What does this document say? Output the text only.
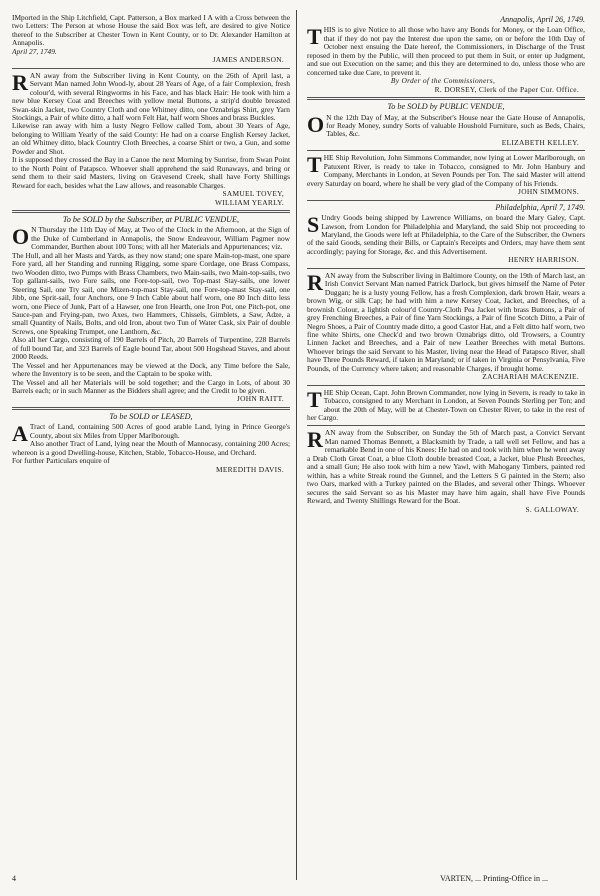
IMported in the Ship Litchfield, Capt. Patterson, a Box marked I A with a Cross between the two Letters: The Person at whose House the said Box was left, are desired to give Notice thereof to the Subscriber at Chester Town in Kent County, or to Dr. Alexander Hamilton at Annapolis.

April 27, 1749.

JAMES ANDERSON.

R AN away from the Subscriber living in Kent County, on the 26th of April last, a Servant Man named John Wood-ly, about 28 Years of Age, of a fair Complexion, fresh colour'd, with several Ringworms in his Face, and has black Hair: He took with him a new blue Kersey Coat and Breeches with yellow metal Buttons, a strip'd double breasted Swan-skin Jacket, two Country Cloth and one Whitney ditto, one Oznabrigs Shirt, grey Yarn Stockings, a Pair of white ditto, a half worn Felt Hat, half worn Shoes and brass Buckles.

Likewise ran away with him a lusty Negro Fellow called Tom, about 30 Years of Age, belonging to William Yearly of the said County: He had on a coarse English Kersey Jacket, an old Whitney ditto, black Country Cloth Breeches, a coarse Shirt or two, a Gun, and some Powder and Shot.

It is supposed they crossed the Bay in a Canoe the next Morning by Sunrise, from Swan Point to the North Point of Patapsco. Whoever shall apprehend the said Runaways, and bring or send them to their said Masters, living on Gravesend Creek, shall have Forty Shillings Reward for each, besides what the Law allows, and reasonable Charges.

SAMUEL TOVEY,

WILLIAM YEARLY.

To be SOLD by the Subscriber, at PUBLIC VENDUE,
O N Thursday the 11th Day of May, at Two of the Clock in the Afternoon, at the Sign of the Duke of Cumberland in Annapolis, the Snow Endeavour, William Pagmer now Commander, Burthen about 100 Tons; with all her Materials and Appurtenances; viz.

The Hull, and all her Masts and Yards, as they now stand; one spare Main-top-mast, one spare Fore yard, all her Standing and running Rigging, some spare Cordage, one Brass Compass, two Wooden ditto, two Pumps with Brass Chambers, two Main-sails, two Main-top-sails, two Top gallant-sails, two Fore sails, one Fore-top-sail, two Top-mast Stay-sails, one lower Steering Sail, one Try sail, one Mizen-top-mast Stay-sail, one Fore-top-mast Stay-sail, one Jibb, one Sprit-sail, four Anchors, one 9 Inch Cable about half worn, one 80 Inch ditto less worn, one Piece of Junk, Part of a Hawser, one Iron Hearth, one Iron Pot, one Pitch-pot, one Sauce-pan and Frying-pan, two Axes, two Hammers, Chissels, Gimblets, a Saw, Adze, a small Quantity of Nails, Bolts, and old Iron, about two Tun of Water Cask, six Pair of double Screws, one Speaking Trumpet, one Lanthorn, &c.

Also all her Cargo, consisting of 190 Barrels of Pitch, 20 Barrels of Turpentine, 228 Barrels of full bound Tar, and 323 Barrels of Eagle bound Tar, about 500 Hogshead Staves, and about 2000 Reeds.

The Vessel and her Appurtenances may be viewed at the Dock, any Time before the Sale, where the Inventory is to be seen, and the Captain to be spoke with.

The Vessel and all her Materials will be sold together; and the Cargo in Lots, of about 30 Barrels each; or in such Manner as the Bidders shall agree; and the Credit to be given.

JOHN RAITT.

To be SOLD or LEASED,
A Tract of Land, containing 500 Acres of good arable Land, lying in Prince George's County, about six Miles from Upper Marlborough.

Also another Tract of Land, lying near the Mouth of Mannocasy, containing 200 Acres; whereon is a good Dwelling-house, Kitchen, Stable, Tobacco-House, and Orchard.

For further Particulars enquire of

MEREDITH DAVIS.

Annapolis, April 26, 1749.
T HIS is to give Notice to all those who have any Bonds for Money, or the Loan Office, that if they do not pay the Interest due upon the same, on or before the 10th Day of October next ensuing the Date hereof, the Commissioners, in Discharge of the Trust reposed in them by the Public, will then proceed to put them in Suit, or enter up Judgment, and sue out Execution on the same; and this they are determined to do, unless those who are concerned take due Care, to prevent it.

By Order of the Commissioners,

R. DORSEY, Clerk of the Paper Cur. Office.

To be SOLD by PUBLIC VENDUE,
O N the 12th Day of May, at the Subscriber's House near the Gate House of Annapolis, for Ready Money, sundry Sorts of valuable Houshold Furniture, such as Beds, Chairs, Tables, &c.

ELIZABETH KELLEY.

T HE Ship Revolution, John Simmons Commander, now lying at Lower Marlborough, on Patuxent River, is ready to take in Tobacco, consigned to Mr. John Hanbury and Company, Merchants in London, at Seven Pounds per Ton. The said Master will attend every Saturday on board, where he shall be very glad of the Company of his Friends.

JOHN SIMMONS.

Philadelphia, April 7, 1749.
S Undry Goods being shipped by Lawrence Williams, on board the Mary Galey, Capt. Lawson, from London for Philadelphia and Maryland, the said Ship not proceeding to Maryland, the Goods were left at Philadelphia, to the Care of the Subscriber, the Owners of the said Goods, sending their Bills, or Captain's Receipts and Orders, may have them sent accordingly; paying for Storage, &c. and this Advertisement.

HENRY HARRISON.

R AN away from the Subscriber living in Baltimore County, on the 19th of March last, an Irish Convict Servant Man named Patrick Darlock, but gives himself the Name of Peter Duggan; he is a lusty young Fellow, has a fresh Complexion, dark brown Hair, wears a brown Wig, or silk Cap; he had with him a new Kersey Coat, Jacket, and Breeches, of a brownish Colour, a lightish colour'd Country-Cloth Pea Jacket with brass Buttons, a Pair of grey Frenching Breeches, a Pair of fine Yarn Stockings, a Pair of fine Scotch Ditto, a Pair of Negro Shoes, a Pair of Country made ditto, a good Castor Hat, and a Felt ditto half worn, two fine white Shirts, one Check'd and two brown Oznabrigs ditto, old Trowsers, a Country Linnen Jacket and Breeches, and a Pair of new Leather Breeches with metal Buttons. Whoever brings the said Servant to his Master, living near the Head of Patapsco River, shall have Three Pounds Reward, if taken in Maryland; or if taken in Virginia or Pensylvania, Five Pounds, of the Currency where taken; and reasonable Charges, if brought home.

ZACHARIAH MACKENZIE.

T HE Ship Ocean, Capt. John Brown Commander, now lying in Severn, is ready to take in Tobacco, consigned to any Merchant in London, at Seven Pounds Sterling per Ton; and about the 20th of May, will be at Chester-Town on Chester River, to take in the rest of her Cargo.

R AN away from the Subscriber, on Sunday the 5th of March past, a Convict Servant Man named Thomas Bennett, a Blacksmith by Trade, a tall well set Fellow, and has a remarkable Bend in one of his Knees: He had on and took with him when he went away a Drab Cloth Great Coat, a blue Cloth double breasted Coat, a Jacket, blue Plush Breeches, and a small Gun; He also took with him a new Yawl, with Mahogany Timbers, painted red within, has a white Streak round the Gunnel, and the Letters S G painted in the Stern; also two Oars, marked with a Turkey painted on the Blades, and several other Things. Whoever secures the said Servant so as his Master may have him again, shall have Five Pounds Reward, and Twenty Shillings Reward for the Boat.

S. GALLOWAY.

4	VARTEN, ... Printing-Office in ...
